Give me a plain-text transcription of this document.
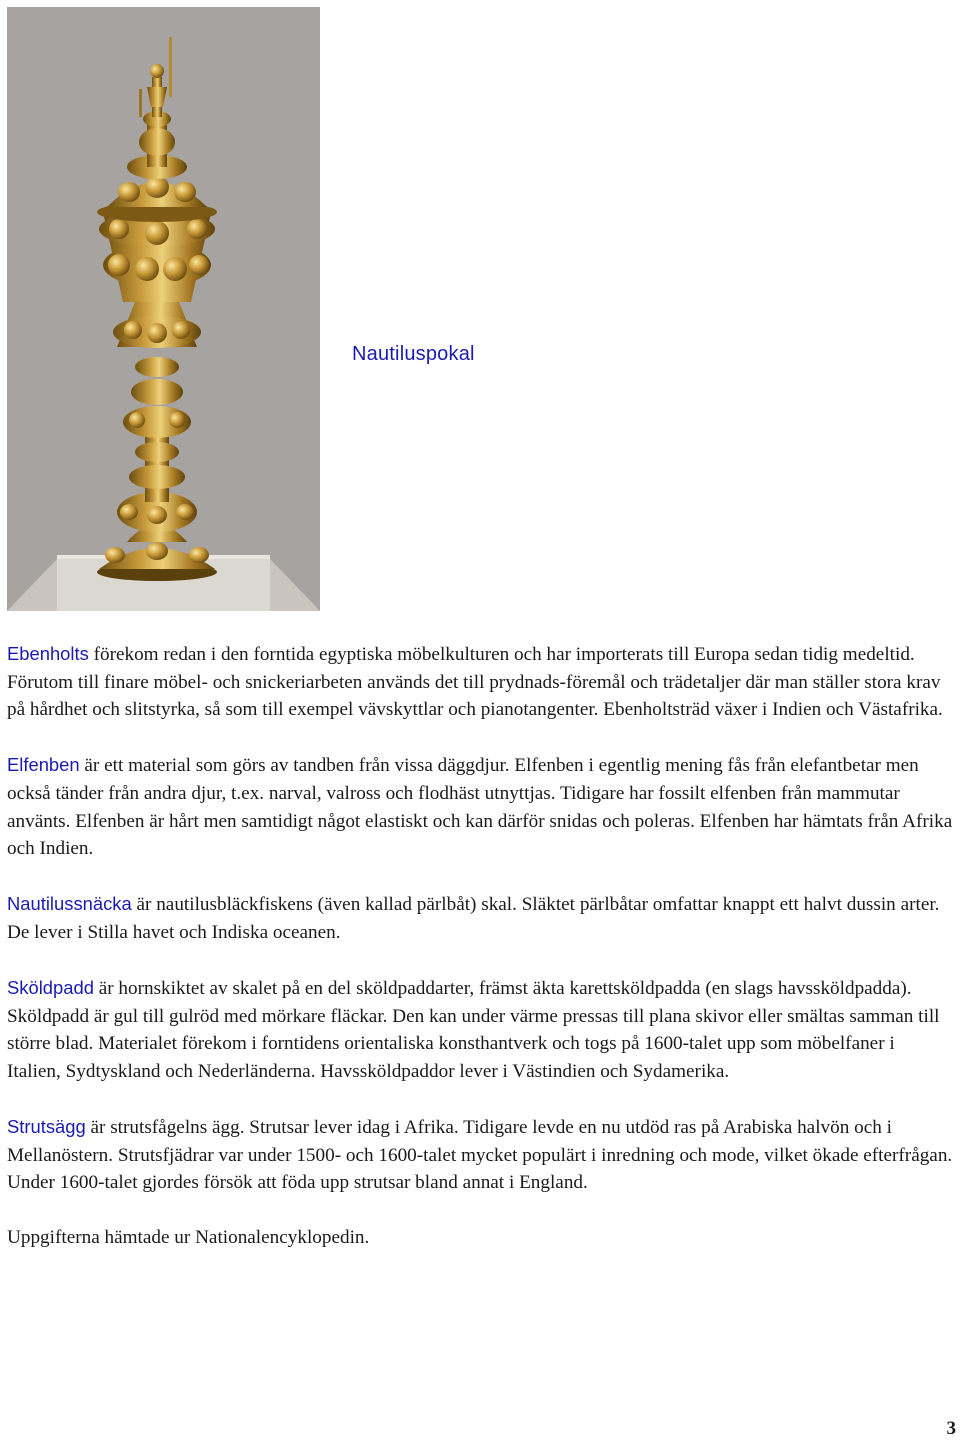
Nautiluspokal

Ebenholts förekom redan i den forntida egyptiska möbelkulturen och har importerats till Europa sedan tidig medeltid. Förutom till finare möbel- och snickeriarbeten används det till prydnads-föremål och trädetaljer där man ställer stora krav på hårdhet och slitstyrka, så som till exempel vävskyttlar och pianotangenter. Ebenholtsträd växer i Indien och Västafrika.

Elfenben är ett material som görs av tandben från vissa däggdjur. Elfenben i egentlig mening fås från elefantbetar men också tänder från andra djur, t.ex. narval, valross och flodhäst utnyttjas. Tidigare har fossilt elfenben från mammutar använts. Elfenben är hårt men samtidigt något elastiskt och kan därför snidas och poleras. Elfenben har hämtats från Afrika och Indien.

Nautilussnäcka är nautilusbläckfiskens (även kallad pärlbåt) skal. Släktet pärlbåtar omfattar knappt ett halvt dussin arter. De lever i Stilla havet och Indiska oceanen.

Sköldpadd är hornskiktet av skalet på en del sköldpaddarter, främst äkta karettsköldpadda (en slags havssköldpadda). Sköldpadd är gul till gulröd med mörkare fläckar. Den kan under värme pressas till plana skivor eller smältas samman till större blad. Materialet förekom i forntidens orientaliska konsthantverk och togs på 1600-talet upp som möbelfaner i Italien, Sydtyskland och Nederländerna. Havssköldpaddor lever i Västindien och Sydamerika.

Strutsägg är strutsfågelns ägg. Strutsar lever idag i Afrika. Tidigare levde en nu utdöd ras på Arabiska halvön och i Mellanöstern. Strutsfjädrar var under 1500- och 1600-talet mycket populärt i inredning och mode, vilket ökade efterfrågan. Under 1600-talet gjordes försök att föda upp strutsar bland annat i England.

Uppgifterna hämtade ur Nationalencyklopedin.

3
